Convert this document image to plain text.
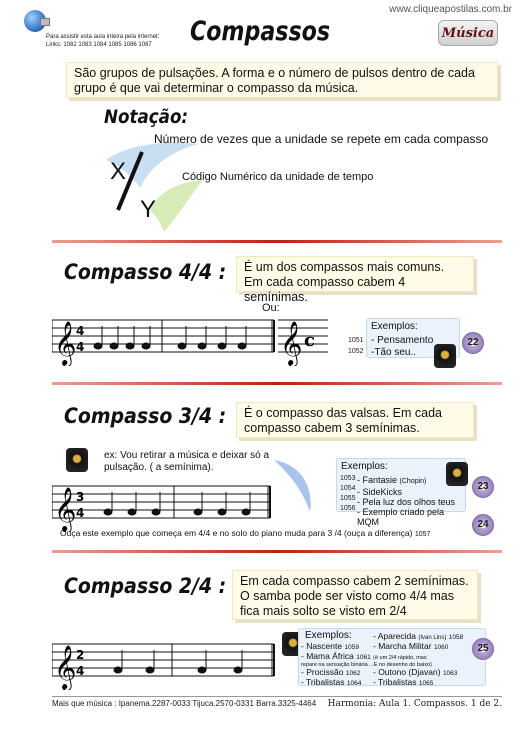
www.cliqueapostilas.com.br
Para assistir esta aula inteira pela internet:
Links: 1082 1083 1084 1085 1086 1087	Compassos	Música
São grupos de pulsações. A forma e o número de pulsos dentro de cada grupo é que vai determinar o compasso da música.
Notação:
X
Y
Número de vezes que a unidade se repete em cada compasso
Código Numérico da unidade de tempo
Compasso 4/4 :	É um dos compassos mais comuns. Em cada compasso cabem 4 semínimas.
Ou:
𝄞 4
4	𝄞 c
Exemplos:
- Pensamento
-Tão seu..
1051
1052
22
Compasso 3/4 :	É o compasso das valsas. Em cada compasso cabem 3 semínimas.
ex: Vou retirar a música e deixar só a pulsação. ( a semínima).
𝄞 3
4
Exemplos:
- Fantasie (Chopin)
- SideKicks
- Pela luz dos olhos teus
- Exemplo criado pela MQM
1053
1054
1055
1056
23
24
Ouça este exemplo que começa em 4/4 e no solo do piano muda para 3 /4 (ouça a diferença) 1057
Compasso 2/4 :	Em cada compasso cabem 2 semínimas. O samba pode ser visto como 4/4 mas fica mais solto se visto em 2/4
𝄞 2
4
Exemplos:
- Nascente 1059
- Mama África 1061 (é um 2/4 rápido, mas
repare na sensação binária ...E no desenho do baixo)
- Procissão 1062
- Tribalistas 1064
- Aparecida (Ivan Lins) 1058
- Marcha Militar 1060
- Outono (Djavan) 1063
- Tribalistas 1065
25
Mais que música : Ipanema.2287-0033 Tijuca.2570-0331 Barra.3325-4464 Harmonia: Aula 1. Compassos. 1 de 2.
